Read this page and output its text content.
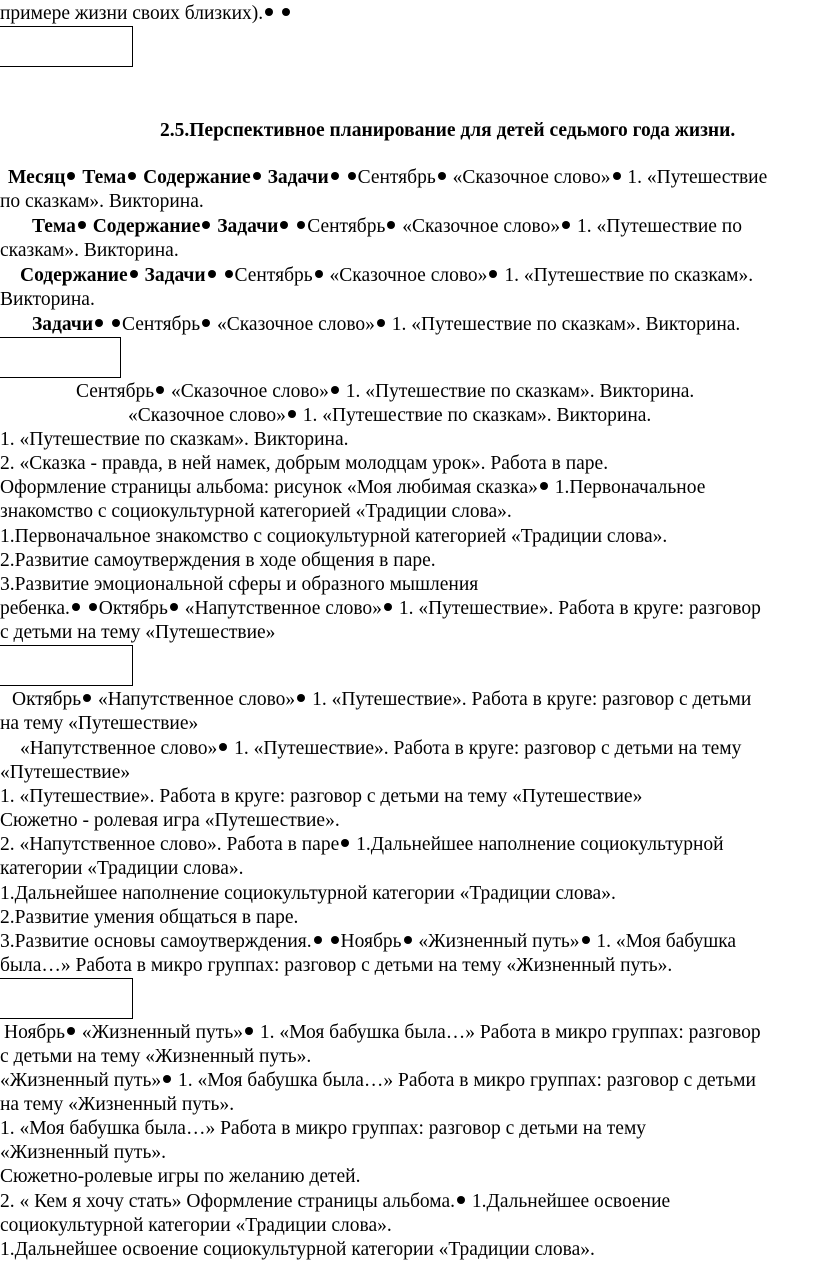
примере жизни своих близких).
2.5.Перспективное планирование для детей седьмого года жизни.
Месяц Тема Содержание Задачи Сентябрь «Сказочное слово» 1. «Путешествие
по сказкам». Викторина.
Тема Содержание Задачи Сентябрь «Сказочное слово» 1. «Путешествие по
сказкам». Викторина.
Содержание Задачи Сентябрь «Сказочное слово» 1. «Путешествие по сказкам».
Викторина.
Задачи Сентябрь «Сказочное слово» 1. «Путешествие по сказкам». Викторина.
Сентябрь «Сказочное слово» 1. «Путешествие по сказкам». Викторина.
«Сказочное слово» 1. «Путешествие по сказкам». Викторина.
1. «Путешествие по сказкам». Викторина.
2. «Сказка - правда, в ней намек, добрым молодцам урок». Работа в паре.
Оформление страницы альбома: рисунок «Моя любимая сказка» 1.Первоначальное
знакомство с социокультурной категорией «Традиции слова».
1.Первоначальное знакомство с социокультурной категорией «Традиции слова».
2.Развитие самоутверждения в ходе общения в паре.
3.Развитие эмоциональной сферы и образного мышления
ребенка. Октябрь «Напутственное слово» 1. «Путешествие». Работа в круге: разговор
с детьми на тему «Путешествие»
Октябрь «Напутственное слово» 1. «Путешествие». Работа в круге: разговор с детьми
на тему «Путешествие»
«Напутственное слово» 1. «Путешествие». Работа в круге: разговор с детьми на тему
«Путешествие»
1. «Путешествие». Работа в круге: разговор с детьми на тему «Путешествие»
Сюжетно - ролевая игра «Путешествие».
2. «Напутственное слово». Работа в паре 1.Дальнейшее наполнение социокультурной
категории «Традиции слова».
1.Дальнейшее наполнение социокультурной категории «Традиции слова».
2.Развитие умения общаться в паре.
3.Развитие основы самоутверждения. Ноябрь «Жизненный путь» 1. «Моя бабушка
была…» Работа в микро группах: разговор с детьми на тему «Жизненный путь».
Ноябрь «Жизненный путь» 1. «Моя бабушка была…» Работа в микро группах: разговор
с детьми на тему «Жизненный путь».
«Жизненный путь» 1. «Моя бабушка была…» Работа в микро группах: разговор с детьми
на тему «Жизненный путь».
1. «Моя бабушка была…» Работа в микро группах: разговор с детьми на тему
«Жизненный путь».
Сюжетно-ролевые игры по желанию детей.
2. « Кем я хочу стать» Оформление страницы альбома. 1.Дальнейшее освоение
социокультурной категории «Традиции слова».
1.Дальнейшее освоение социокультурной категории «Традиции слова».
